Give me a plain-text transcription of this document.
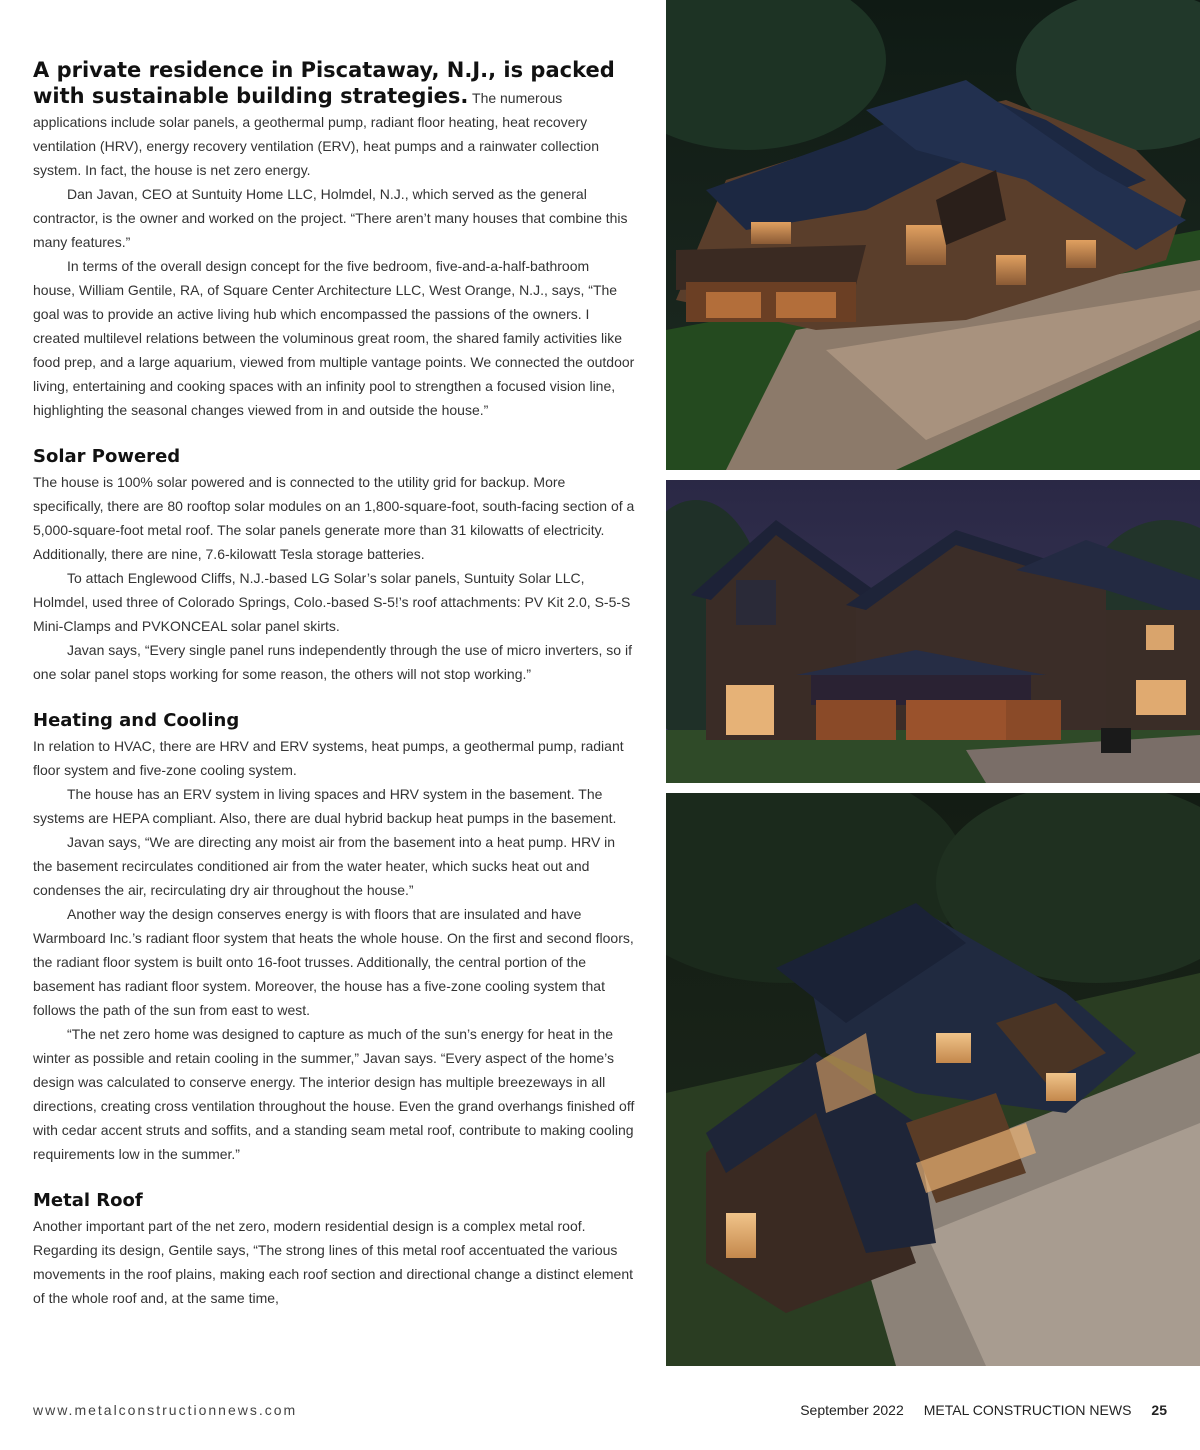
A private residence in Piscataway, N.J., is packed with sustainable building strategies. The numerous applications include solar panels, a geothermal pump, radiant floor heating, heat recovery ventilation (HRV), energy recovery ventilation (ERV), heat pumps and a rainwater collection system. In fact, the house is net zero energy.

Dan Javan, CEO at Suntuity Home LLC, Holmdel, N.J., which served as the general contractor, is the owner and worked on the project. “There aren’t many houses that combine this many features.”

In terms of the overall design concept for the five bedroom, five-and-a-half-bathroom house, William Gentile, RA, of Square Center Architecture LLC, West Orange, N.J., says, “The goal was to provide an active living hub which encompassed the passions of the owners. I created multilevel relations between the voluminous great room, the shared family activities like food prep, and a large aquarium, viewed from multiple vantage points. We connected the outdoor living, entertaining and cooking spaces with an infinity pool to strengthen a focused vision line, highlighting the seasonal changes viewed from in and outside the house.”

Solar Powered

The house is 100% solar powered and is connected to the utility grid for backup. More specifically, there are 80 rooftop solar modules on an 1,800-square-foot, south-facing section of a 5,000-square-foot metal roof. The solar panels generate more than 31 kilowatts of electricity. Additionally, there are nine, 7.6-kilowatt Tesla storage batteries.

To attach Englewood Cliffs, N.J.-based LG Solar’s solar panels, Suntuity Solar LLC, Holmdel, used three of Colorado Springs, Colo.-based S-5!’s roof attachments: PV Kit 2.0, S-5-S Mini-Clamps and PVKONCEAL solar panel skirts.

Javan says, “Every single panel runs independently through the use of micro inverters, so if one solar panel stops working for some reason, the others will not stop working.”

Heating and Cooling

In relation to HVAC, there are HRV and ERV systems, heat pumps, a geothermal pump, radiant floor system and five-zone cooling system.

The house has an ERV system in living spaces and HRV system in the basement. The systems are HEPA compliant. Also, there are dual hybrid backup heat pumps in the basement.

Javan says, “We are directing any moist air from the basement into a heat pump. HRV in the basement recirculates conditioned air from the water heater, which sucks heat out and condenses the air, recirculating dry air throughout the house.”

Another way the design conserves energy is with floors that are insulated and have Warmboard Inc.’s radiant floor system that heats the whole house. On the first and second floors, the radiant floor system is built onto 16-foot trusses. Additionally, the central portion of the basement has radiant floor system. Moreover, the house has a five-zone cooling system that follows the path of the sun from east to west.

“The net zero home was designed to capture as much of the sun’s energy for heat in the winter as possible and retain cooling in the summer,” Javan says. “Every aspect of the home’s design was calculated to conserve energy. The interior design has multiple breezeways in all directions, creating cross ventilation throughout the house. Even the grand overhangs finished off with cedar accent struts and soffits, and a standing seam metal roof, contribute to making cooling requirements low in the summer.”

Metal Roof

Another important part of the net zero, modern residential design is a complex metal roof. Regarding its design, Gentile says, “The strong lines of this metal roof accentuated the various movements in the roof plains, making each roof section and directional change a distinct element of the whole roof and, at the same time,

www.metalconstructionnews.com	September 2022 METAL CONSTRUCTION NEWS 25
